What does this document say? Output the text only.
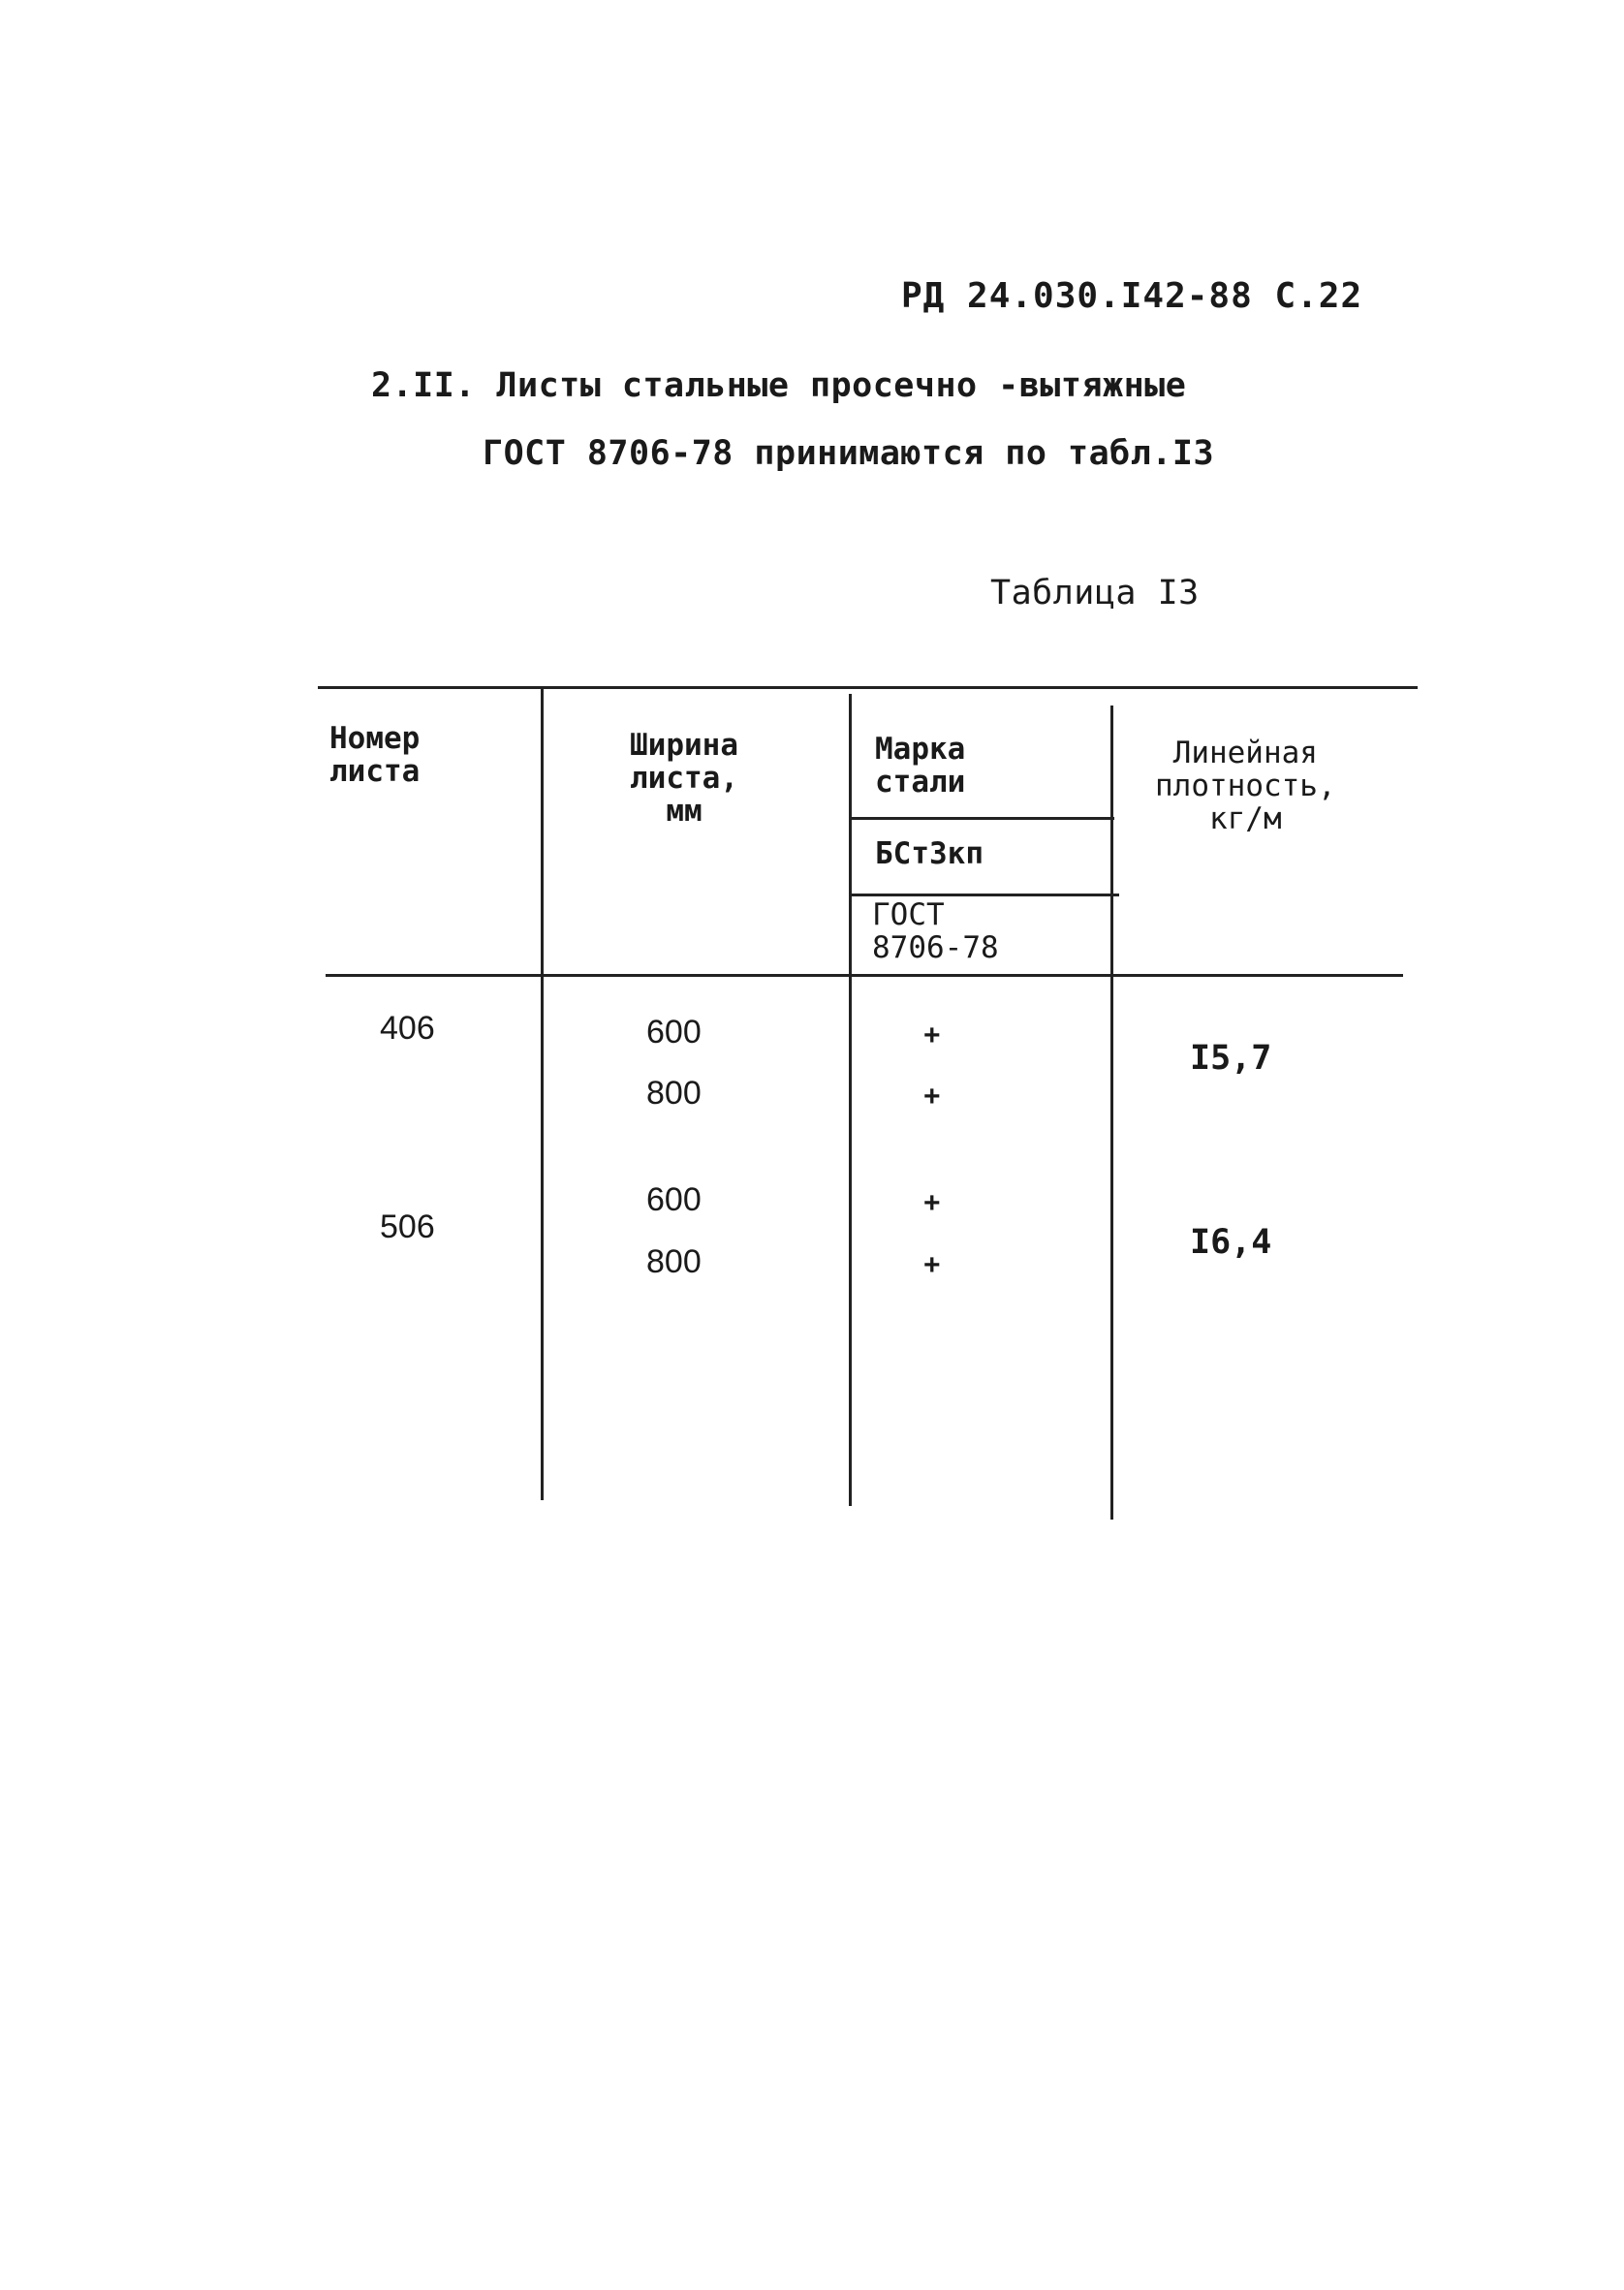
РД 24.030.I42-88 С.22
2.II. Листы стальные просечно -вытяжные
ГОСТ 8706-78 принимаются по табл.I3
Таблица I3
Номер
листа
Ширина
листа,
мм
Марка
стали
БСт3кп
ГОСТ
8706-78
Линейная
плотность,
кг/м
406	600
800
+
+
I5,7
506
600
800
+
+
I6,4
